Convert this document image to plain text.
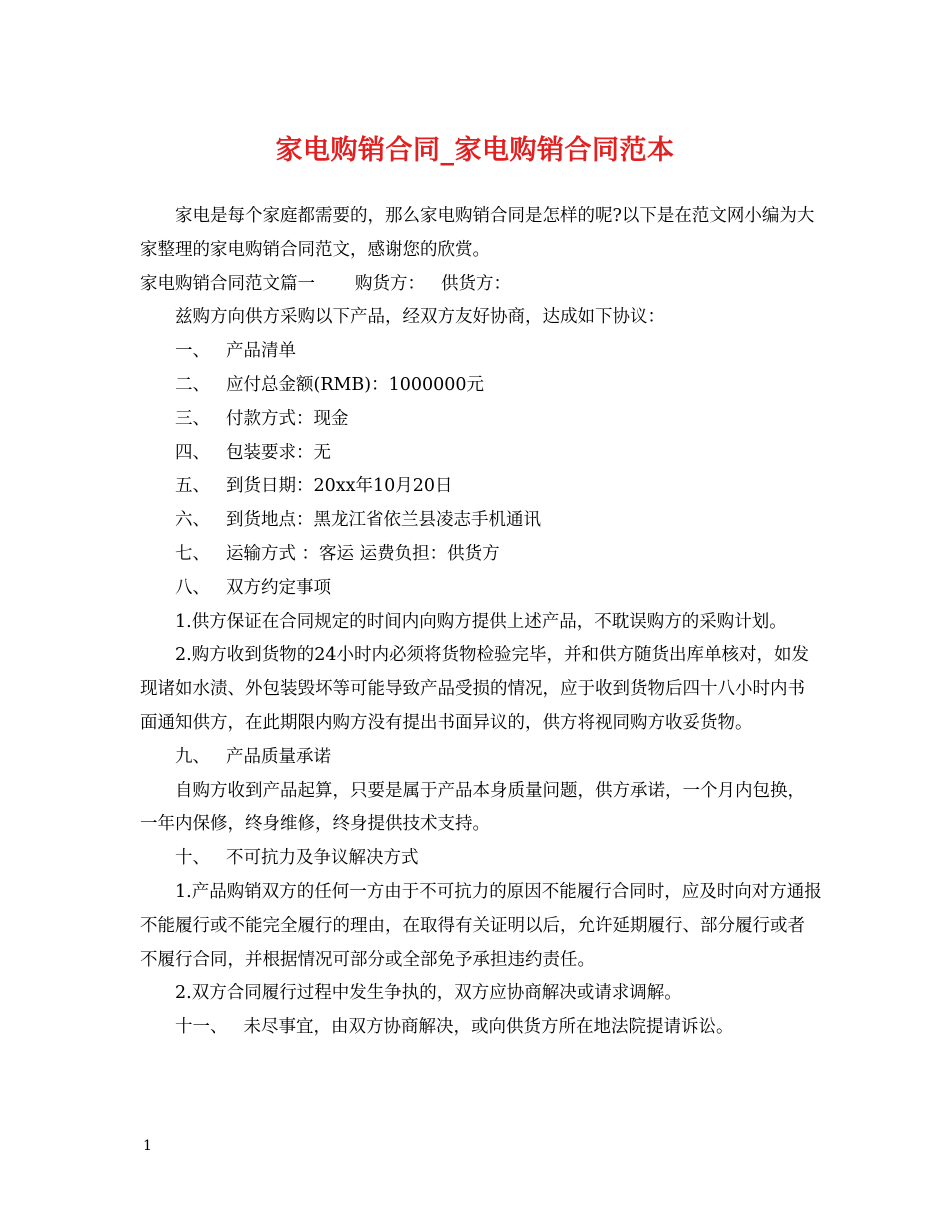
家电购销合同_家电购销合同范本

家电是每个家庭都需要的，那么家电购销合同是怎样的呢?以下是在范文网小编为大家整理的家电购销合同范文，感谢您的欣赏。

家电购销合同范文篇一 购货方： 供货方：

兹购方向供方采购以下产品，经双方友好协商，达成如下协议：

一、 产品清单

二、 应付总金额(RMB)：1000000元

三、 付款方式：现金

四、 包装要求：无

五、 到货日期：20xx年10月20日

六、 到货地点：黑龙江省依兰县凌志手机通讯

七、 运输方式 ：客运 运费负担：供货方

八、 双方约定事项

1.供方保证在合同规定的时间内向购方提供上述产品，不耽误购方的采购计划。

2.购方收到货物的24小时内必须将货物检验完毕，并和供方随货出库单核对，如发现诸如水渍、外包装毁坏等可能导致产品受损的情况，应于收到货物后四十八小时内书面通知供方，在此期限内购方没有提出书面异议的，供方将视同购方收妥货物。

九、 产品质量承诺

自购方收到产品起算，只要是属于产品本身质量问题，供方承诺，一个月内包换，一年内保修，终身维修，终身提供技术支持。

十、 不可抗力及争议解决方式

1.产品购销双方的任何一方由于不可抗力的原因不能履行合同时，应及时向对方通报不能履行或不能完全履行的理由，在取得有关证明以后，允许延期履行、部分履行或者不履行合同，并根据情况可部分或全部免予承担违约责任。

2.双方合同履行过程中发生争执的，双方应协商解决或请求调解。

十一、 未尽事宜，由双方协商解决，或向供货方所在地法院提请诉讼。

1
